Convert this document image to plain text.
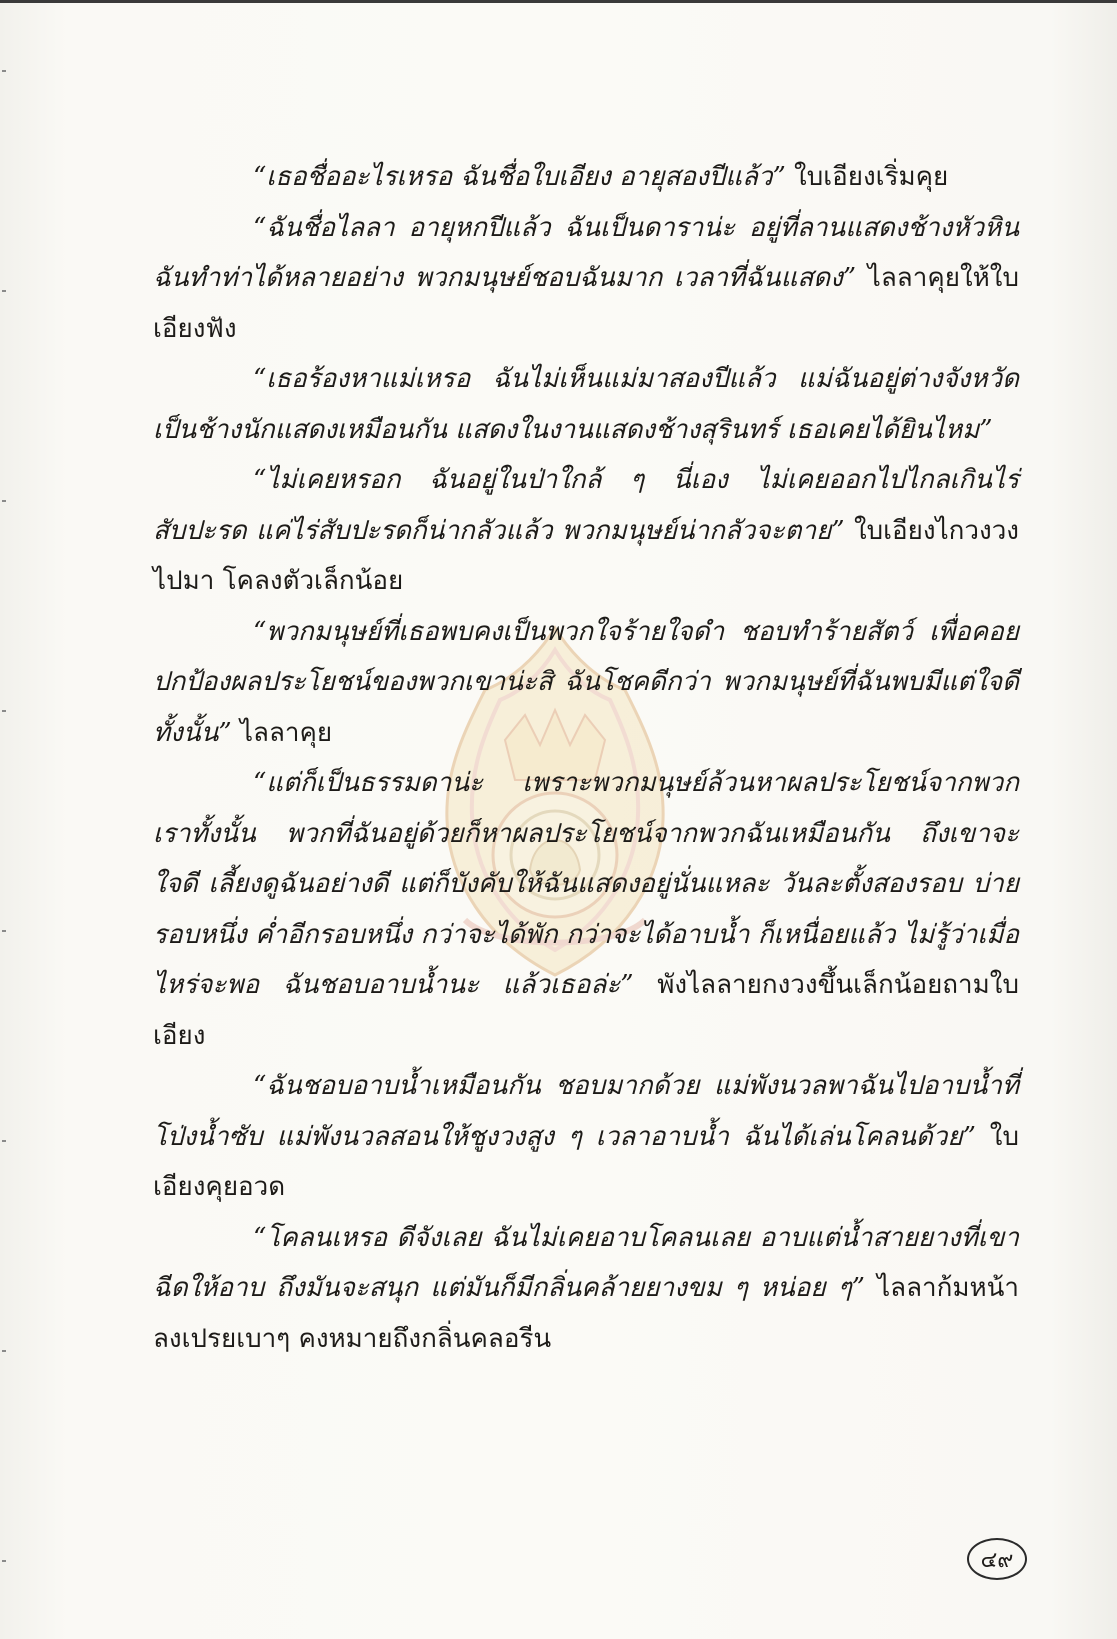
“เธอชื่ออะไรเหรอ ฉันชื่อใบเอียง อายุสองปีแล้ว” ใบเอียงเริ่มคุย

“ฉันชื่อไลลา อายุหกปีแล้ว ฉันเป็นดาราน่ะ อยู่ที่ลานแสดงช้างหัวหิน ฉันทำท่าได้หลายอย่าง พวกมนุษย์ชอบฉันมาก เวลาที่ฉันแสดง” ไลลาคุยให้ใบเอียงฟัง

“เธอร้องหาแม่เหรอ ฉันไม่เห็นแม่มาสองปีแล้ว แม่ฉันอยู่ต่างจังหวัด เป็นช้างนักแสดงเหมือนกัน แสดงในงานแสดงช้างสุรินทร์ เธอเคยได้ยินไหม”

“ไม่เคยหรอก ฉันอยู่ในป่าใกล้ ๆ นี่เอง ไม่เคยออกไปไกลเกินไร่สับปะรด แค่ไร่สับปะรดก็น่ากลัวแล้ว พวกมนุษย์น่ากลัวจะตาย” ใบเอียงไกวงวงไปมา โคลงตัวเล็กน้อย

“พวกมนุษย์ที่เธอพบคงเป็นพวกใจร้ายใจดำ ชอบทำร้ายสัตว์ เพื่อคอยปกป้องผลประโยชน์ของพวกเขาน่ะสิ ฉันโชคดีกว่า พวกมนุษย์ที่ฉันพบมีแต่ใจดีทั้งนั้น” ไลลาคุย

“แต่ก็เป็นธรรมดาน่ะ เพราะพวกมนุษย์ล้วนหาผลประโยชน์จากพวกเราทั้งนั้น พวกที่ฉันอยู่ด้วยก็หาผลประโยชน์จากพวกฉันเหมือนกัน ถึงเขาจะใจดี เลี้ยงดูฉันอย่างดี แต่ก็บังคับให้ฉันแสดงอยู่นั่นแหละ วันละตั้งสองรอบ บ่ายรอบหนึ่ง ค่ำอีกรอบหนึ่ง กว่าจะได้พัก กว่าจะได้อาบน้ำ ก็เหนื่อยแล้ว ไม่รู้ว่าเมื่อไหร่จะพอ ฉันชอบอาบน้ำนะ แล้วเธอล่ะ” พังไลลายกงวงขึ้นเล็กน้อยถามใบเอียง

“ฉันชอบอาบน้ำเหมือนกัน ชอบมากด้วย แม่พังนวลพาฉันไปอาบน้ำที่โป่งน้ำซับ แม่พังนวลสอนให้ชูงวงสูง ๆ เวลาอาบน้ำ ฉันได้เล่นโคลนด้วย” ใบเอียงคุยอวด

“โคลนเหรอ ดีจังเลย ฉันไม่เคยอาบโคลนเลย อาบแต่น้ำสายยางที่เขาฉีดให้อาบ ถึงมันจะสนุก แต่มันก็มีกลิ่นคล้ายยางขม ๆ หน่อย ๆ” ไลลาก้มหน้าลงเปรยเบาๆ คงหมายถึงกลิ่นคลอรีน

๔๙
